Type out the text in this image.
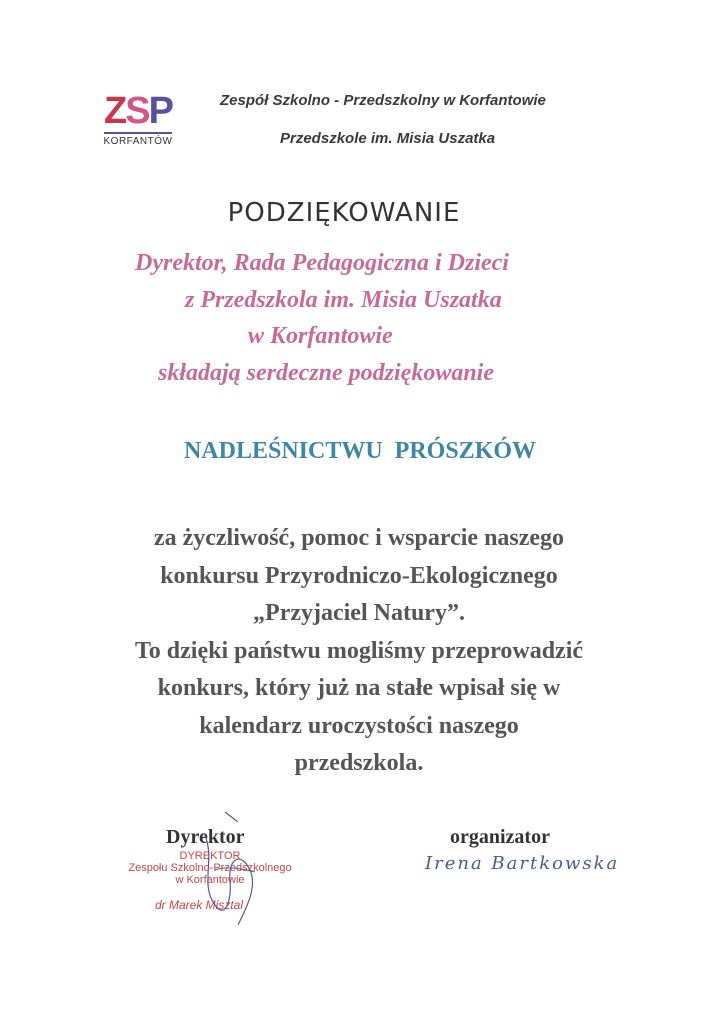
ZSP
KORFANTÓW
Zespół Szkolno - Przedszkolny w Korfantowie
Przedszkole im. Misia Uszatka
PODZIĘKOWANIE
Dyrektor, Rada Pedagogiczna i Dzieci
z Przedszkola im. Misia Uszatka
w Korfantowie
składają serdeczne podziękowanie
NADLEŚNICTWU  PRÓSZKÓW
za życzliwość, pomoc i wsparcie naszego
konkursu Przyrodniczo-Ekologicznego
„Przyjaciel Natury”.
To dzięki państwu mogliśmy przeprowadzić
konkurs, który już na stałe wpisał się w
kalendarz uroczystości naszego
przedszkola.
Dyrektor
DYREKTOR
Zespołu Szkolno-Przedszkolnego
w Korfantowie
dr Marek Misztal
organizator
Irena Bartkowska
